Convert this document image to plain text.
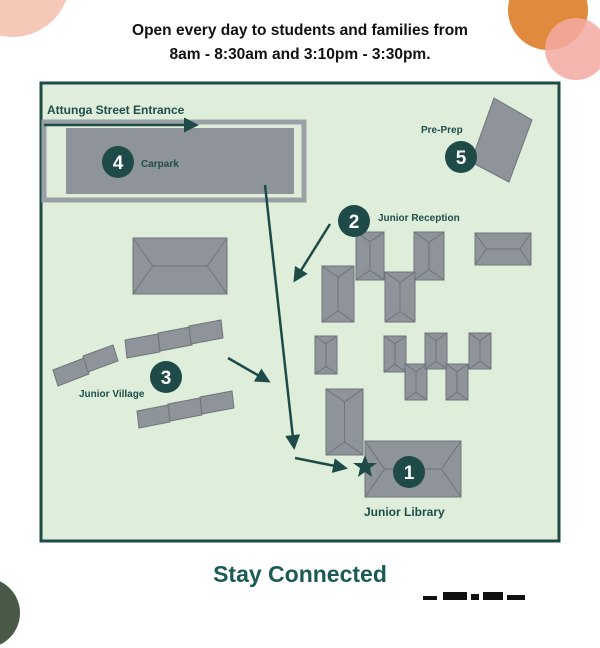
Open every day to students and families from
8am - 8:30am and 3:10pm - 3:30pm.
Attunga Street Entrance
Carpark
Pre-Prep
Junior Reception
Junior Village
Junior Library
4	5
2
3
1
Stay Connected
